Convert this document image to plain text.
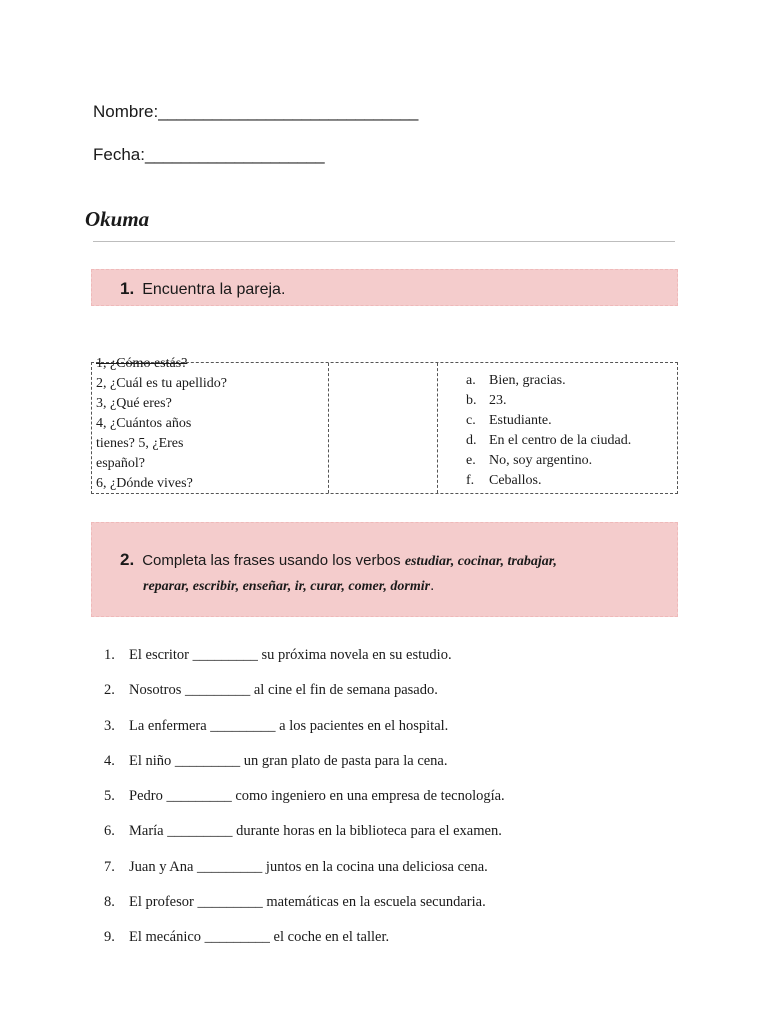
Nombre:_____________________________
Fecha:____________________
Okuma
1. Encuentra la pareja.
1, ¿Cómo estás?
2, ¿Cuál es tu apellido?
3, ¿Qué eres?
4, ¿Cuántos años
tienes? 5, ¿Eres
español?
6, ¿Dónde vives?
a. Bien, gracias.
b. 23.
c. Estudiante.
d. En el centro de la ciudad.
e. No, soy argentino.
f.	Ceballos.
2. Completa las frases usando los verbos estudiar, cocinar, trabajar,
reparar, escribir, enseñar, ir, curar, comer, dormir.
1. El escritor _________ su próxima novela en su estudio.
2. Nosotros _________ al cine el fin de semana pasado.
3. La enfermera _________ a los pacientes en el hospital.
4. El niño _________ un gran plato de pasta para la cena.
5. Pedro _________ como ingeniero en una empresa de tecnología.
6. María _________ durante horas en la biblioteca para el examen.
7. Juan y Ana _________ juntos en la cocina una deliciosa cena.
8. El profesor _________ matemáticas en la escuela secundaria.
9. El mecánico _________ el coche en el taller.
